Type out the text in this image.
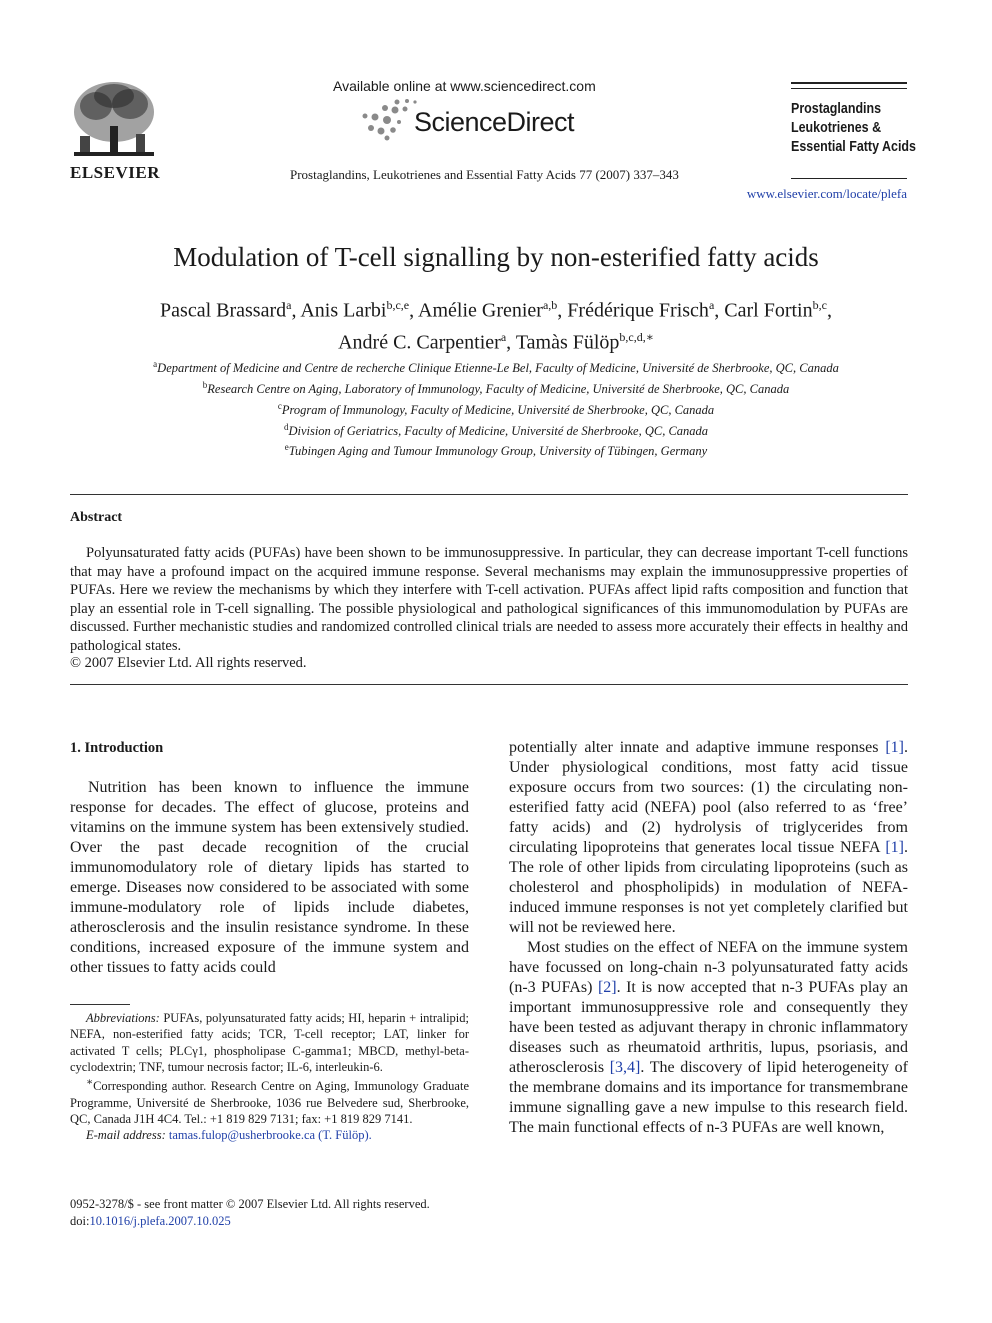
ELSEVIER
Available online at www.sciencedirect.com
ScienceDirect
Prostaglandins, Leukotrienes and Essential Fatty Acids 77 (2007) 337–343
Prostaglandins
Leukotrienes &
Essential Fatty Acids
www.elsevier.com/locate/plefa
Modulation of T-cell signalling by non-esterified fatty acids
Pascal Brassard$^a$, Anis Larbi$^{b,c,e}$, Amélie Grenier$^{a,b}$, Frédérique Frisch$^a$, Carl Fortin$^{b,c}$,
André C. Carpentier$^a$, Tamàs Fülöp$^{b,c,d,∗}$
$^a$Department of Medicine and Centre de recherche Clinique Etienne-Le Bel, Faculty of Medicine, Université de Sherbrooke, QC, Canada
$^b$Research Centre on Aging, Laboratory of Immunology, Faculty of Medicine, Université de Sherbrooke, QC, Canada
$^c$Program of Immunology, Faculty of Medicine, Université de Sherbrooke, QC, Canada
$^d$Division of Geriatrics, Faculty of Medicine, Université de Sherbrooke, QC, Canada
$^e$Tubingen Aging and Tumour Immunology Group, University of Tübingen, Germany
Abstract
Polyunsaturated fatty acids (PUFAs) have been shown to be immunosuppressive. In particular, they can decrease important T-cell functions that may have a profound impact on the acquired immune response. Several mechanisms may explain the immunosuppressive properties of PUFAs. Here we review the mechanisms by which they interfere with T-cell activation. PUFAs affect lipid rafts composition and function that play an essential role in T-cell signalling. The possible physiological and pathological significances of this immunomodulation by PUFAs are discussed. Further mechanistic studies and randomized controlled clinical trials are needed to assess more accurately their effects in healthy and pathological states.
© 2007 Elsevier Ltd. All rights reserved.
1. Introduction

Nutrition has been known to influence the immune response for decades. The effect of glucose, proteins and vitamins on the immune system has been extensively studied. Over the past decade recognition of the crucial immunomodulatory role of dietary lipids has started to emerge. Diseases now considered to be associated with some immune-modulatory role of lipids include diabetes, atherosclerosis and the insulin resistance syndrome. In these conditions, increased exposure of the immune system and other tissues to fatty acids could

Abbreviations: PUFAs, polyunsaturated fatty acids; HI, heparin + intralipid; NEFA, non-esterified fatty acids; TCR, T-cell receptor; LAT, linker for activated T cells; PLCγ1, phospholipase C-gamma1; MBCD, methyl-beta-cyclodextrin; TNF, tumour necrosis factor; IL-6, interleukin-6.

∗Corresponding author. Research Centre on Aging, Immunology Graduate Programme, Université de Sherbrooke, 1036 rue Belvedere sud, Sherbrooke, QC, Canada J1H 4C4. Tel.: +1 819 829 7131; fax: +1 819 829 7141.

E-mail address: tamas.fulop@usherbrooke.ca (T. Fülöp).

0952-3278/$ - see front matter © 2007 Elsevier Ltd. All rights reserved.
doi:10.1016/j.plefa.2007.10.025

potentially alter innate and adaptive immune responses [1]. Under physiological conditions, most fatty acid tissue exposure occurs from two sources: (1) the circulating non-esterified fatty acid (NEFA) pool (also referred to as ‘free’ fatty acids) and (2) hydrolysis of triglycerides from circulating lipoproteins that generates local tissue NEFA [1]. The role of other lipids from circulating lipoproteins (such as cholesterol and phospholipids) in modulation of NEFA-induced immune responses is not yet completely clarified but will not be reviewed here.

Most studies on the effect of NEFA on the immune system have focussed on long-chain n-3 polyunsaturated fatty acids (n-3 PUFAs) [2]. It is now accepted that n-3 PUFAs play an important immunosuppressive role and consequently they have been tested as adjuvant therapy in chronic inflammatory diseases such as rheumatoid arthritis, lupus, psoriasis, and atherosclerosis [3,4]. The discovery of lipid heterogeneity of the membrane domains and its importance for transmembrane immune signalling gave a new impulse to this research field. The main functional effects of n-3 PUFAs are well known,
